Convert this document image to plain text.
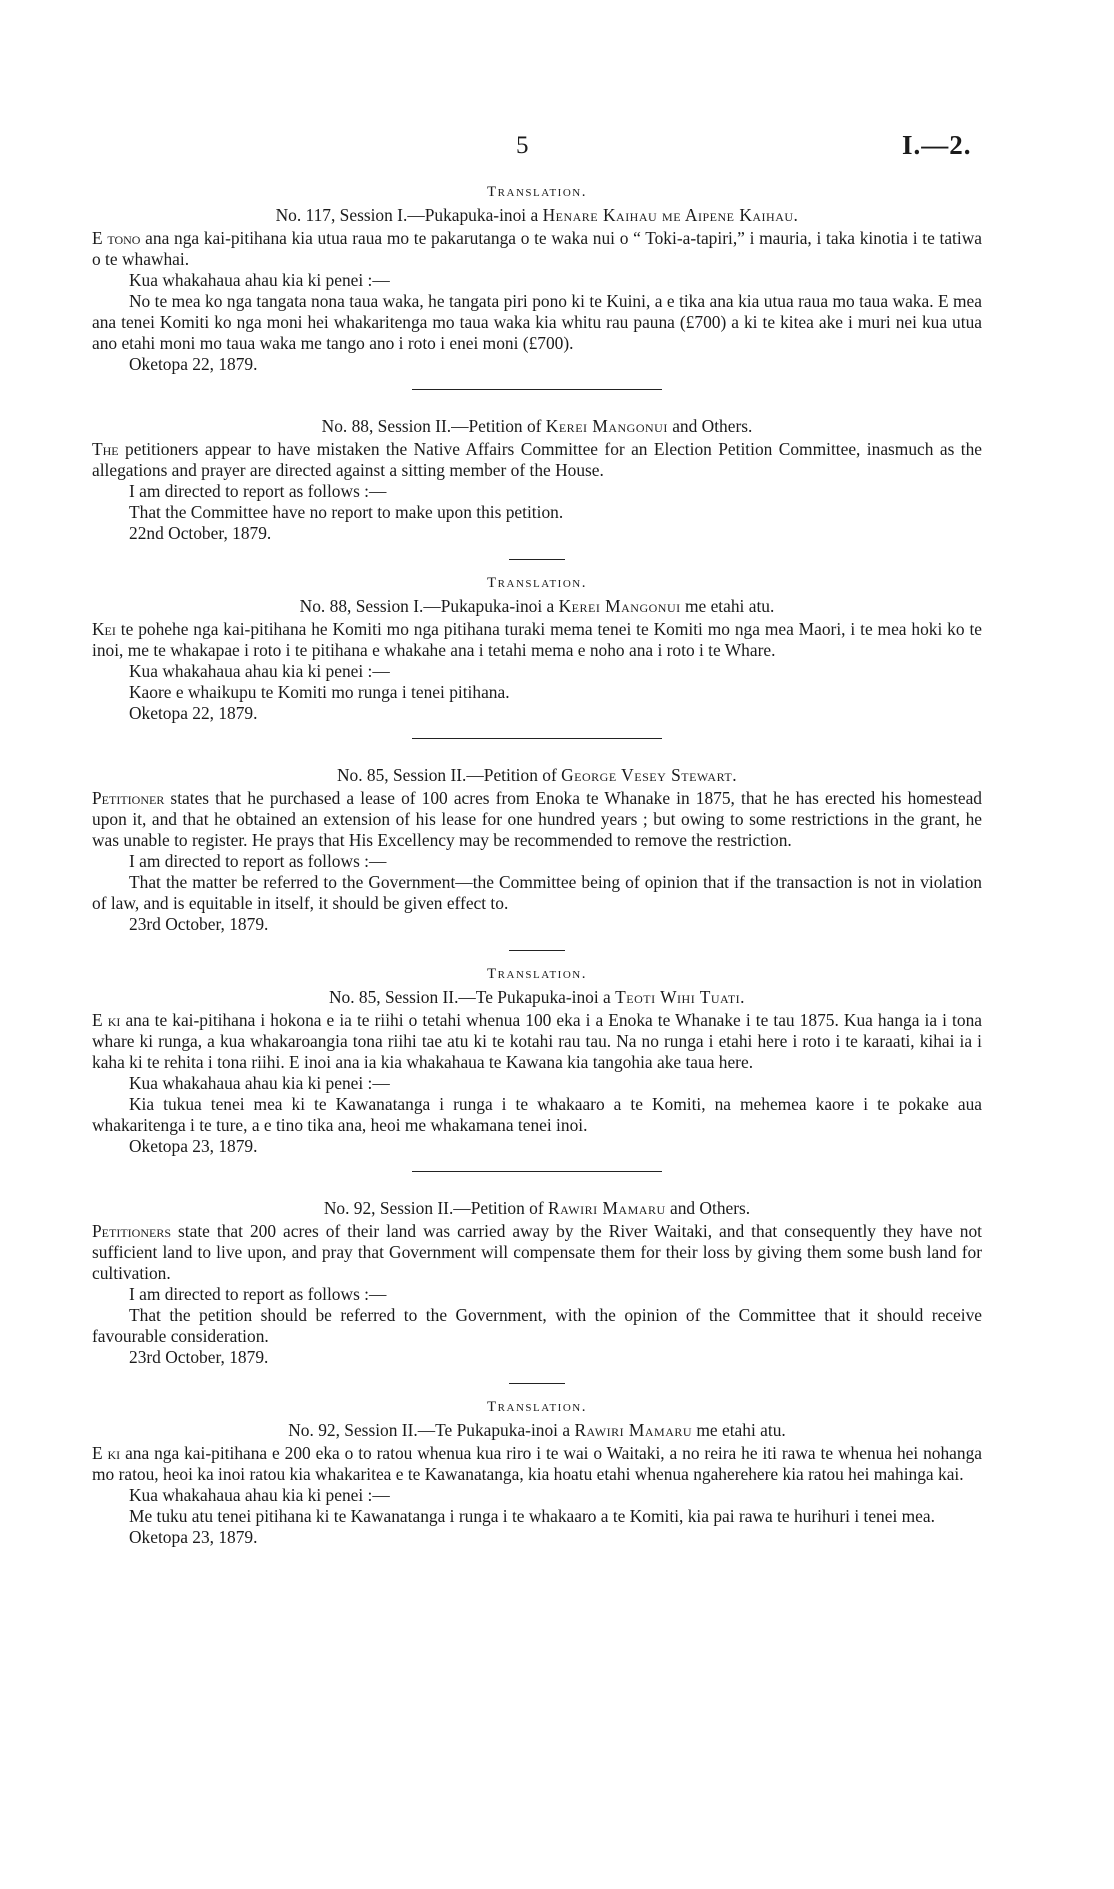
5	I.—2.
Translation.
No. 117, Session I.—Pukapuka-inoi a Henare Kaihau me Aipene Kaihau.

E tono ana nga kai-pitihana kia utua raua mo te pakarutanga o te waka nui o “ Toki-a-tapiri,” i mauria, i taka kinotia i te tatiwa o te whawhai.

Kua whakahaua ahau kia ki penei :—

No te mea ko nga tangata nona taua waka, he tangata piri pono ki te Kuini, a e tika ana kia utua raua mo taua waka. E mea ana tenei Komiti ko nga moni hei whakaritenga mo taua waka kia whitu rau pauna (£700) a ki te kitea ake i muri nei kua utua ano etahi moni mo taua waka me tango ano i roto i enei moni (£700).

Oketopa 22, 1879.

No. 88, Session II.—Petition of Kerei Mangonui and Others.

The petitioners appear to have mistaken the Native Affairs Committee for an Election Petition Committee, inasmuch as the allegations and prayer are directed against a sitting member of the House.

I am directed to report as follows :—

That the Committee have no report to make upon this petition.

22nd October, 1879.

Translation.
No. 88, Session I.—Pukapuka-inoi a Kerei Mangonui me etahi atu.

Kei te pohehe nga kai-pitihana he Komiti mo nga pitihana turaki mema tenei te Komiti mo nga mea Maori, i te mea hoki ko te inoi, me te whakapae i roto i te pitihana e whakahe ana i tetahi mema e noho ana i roto i te Whare.

Kua whakahaua ahau kia ki penei :—

Kaore e whaikupu te Komiti mo runga i tenei pitihana.

Oketopa 22, 1879.

No. 85, Session II.—Petition of George Vesey Stewart.

Petitioner states that he purchased a lease of 100 acres from Enoka te Whanake in 1875, that he has erected his homestead upon it, and that he obtained an extension of his lease for one hundred years ; but owing to some restrictions in the grant, he was unable to register. He prays that His Excellency may be recommended to remove the restriction.

I am directed to report as follows :—

That the matter be referred to the Government—the Committee being of opinion that if the transaction is not in violation of law, and is equitable in itself, it should be given effect to.

23rd October, 1879.

Translation.
No. 85, Session II.—Te Pukapuka-inoi a Teoti Wihi Tuati.

E ki ana te kai-pitihana i hokona e ia te riihi o tetahi whenua 100 eka i a Enoka te Whanake i te tau 1875. Kua hanga ia i tona whare ki runga, a kua whakaroangia tona riihi tae atu ki te kotahi rau tau. Na no runga i etahi here i roto i te karaati, kihai ia i kaha ki te rehita i tona riihi. E inoi ana ia kia whakahaua te Kawana kia tangohia ake taua here.

Kua whakahaua ahau kia ki penei :—

Kia tukua tenei mea ki te Kawanatanga i runga i te whakaaro a te Komiti, na mehemea kaore i te pokake aua whakaritenga i te ture, a e tino tika ana, heoi me whakamana tenei inoi.

Oketopa 23, 1879.

No. 92, Session II.—Petition of Rawiri Mamaru and Others.

Petitioners state that 200 acres of their land was carried away by the River Waitaki, and that consequently they have not sufficient land to live upon, and pray that Government will compensate them for their loss by giving them some bush land for cultivation.

I am directed to report as follows :—

That the petition should be referred to the Government, with the opinion of the Committee that it should receive favourable consideration.

23rd October, 1879.

Translation.
No. 92, Session II.—Te Pukapuka-inoi a Rawiri Mamaru me etahi atu.

E ki ana nga kai-pitihana e 200 eka o to ratou whenua kua riro i te wai o Waitaki, a no reira he iti rawa te whenua hei nohanga mo ratou, heoi ka inoi ratou kia whakaritea e te Kawanatanga, kia hoatu etahi whenua ngaherehere kia ratou hei mahinga kai.

Kua whakahaua ahau kia ki penei :—

Me tuku atu tenei pitihana ki te Kawanatanga i runga i te whakaaro a te Komiti, kia pai rawa te hurihuri i tenei mea.

Oketopa 23, 1879.
